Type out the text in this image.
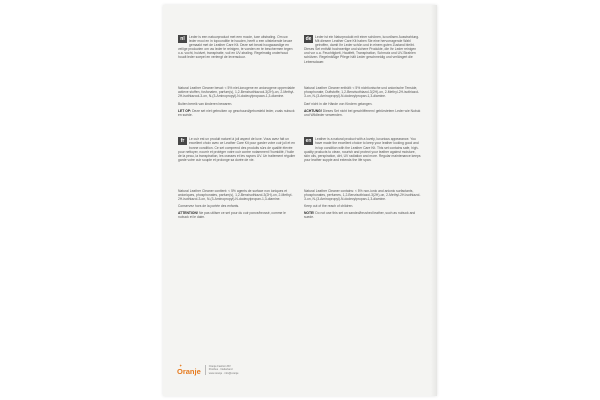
nl	Leder is een natuurproduct met een mooie, luxe uitstraling. Om uw leder mooi en in topconditie te houden, heeft u een uitstekende keuze gemaakt met de Leather Care Kit. Deze set bevat hoogwaardige en veilige producten om uw leder te reinigen, te voeden en te beschermen tegen o.a. vocht, huidvet, transpiratie, vuil en UV-straling. Regelmatig onderhoud houdt leder soepel en verlengt de levensduur.

Natural Leather Cleaner bevat: < 5% niet-ionogene en anionogene oppervlakte actieve stoffen, fosfonaten, parfum(s), 1,2-Benzisothiazool-3(2H)-on, 2-Methyl-2H-isothiazool-3-on, N-(3-Aminopropyl)-N-dodecylpropaan-1,3-diamine.

Buiten bereik van kinderen bewaren.

LET OP: Deze set niet gebruiken op geschuurd/geborsteld leder, zoals nubuck en suède.

de	Leder ist ein Naturprodukt mit einer schönen, luxuriösen Ausstrahlung. Mit diesem Leather Care Kit haben Sie eine hervorragende Wahl getroffen, damit Ihr Leder schön und in einem guten Zustand bleibt. Dieses Set enthält hochwertige und sichere Produkte, die Ihr Leder reinigen und vor u.a. Feuchtigkeit, Hautfett, Transpiration, Schmutz und UV-Strahlen schützen. Regelmäßige Pflege hält Leder geschmeidig und verlängert die Lebensdauer.

Natural Leather Cleaner enthält: < 5% nichtionische und anionische Tenside, phosphonate, Duftstoffe, 1,2-Benzisothiazol-3(2H)-on, 2-Methyl-2H-isothiazol-3-on, N-(3-Aminopropyl)-N-dodecylpropan-1,3-diamine.

Darf nicht in die Hände von Kindern gelangen.

ACHTUNG! Dieses Set nicht bei geschliffenem/ gebürstetem Leder wie Nubuk und Wildleder verwenden.

fr	Le cuir est un produit naturel à joli aspect de luxe. Vous avez fait un excellent choix avec ce Leather Care Kit pour garder votre cuir joli et en bonne condition. Ce set comprend des produits sûrs de qualité élevée pour nettoyer, nourrir et protéger votre cuir contre notamment l'humidité, l'huile de la peau, la transpiration, les crasses et les rayons UV. Un traitement régulier garde votre cuir souple et prolonge sa durée de vie.

Natural Leather Cleaner contient: < 5% agents de surface non ioniques et anioniques, phosphonates, parfum(s), 1,2-Benzisothiazol-3(2H)-on, 2-Methyl-2H-isothiazol-3-on, N-(3-Aminopropyl)-N-dodecylpropan-1,3-diamine.

Conservez hors de la portée des enfants.

ATTENTION! Ne pas utiliser ce set pour du cuir ponce/brossé, comme le nubuck et le daim.

en	Leather is a natural product with a lovely, luxurious appearance. You have made the excellent choice to keep your leather looking good and in top condition with the Leather Care Kit. This set contains safe, high-quality products to clean, nourish and protect your leather against moisture, skin oils, perspiration, dirt, UV radiation and more. Regular maintenance keeps your leather supple and extends the life span.

Natural Leather Cleaner contains: < 5% non-ionic and anionic surfactants, phosphonates, perfumes, 1,2-Benzisothiazol-3(2H)-on, 2-Methyl-2H-isothiazol-3-on, N-(3-Aminopropyl)-N-dodecylpropan-1,3-diamine.

Keep out of the reach of children.

NOTE! Do not use this set on sanded/brushed leather, such as nubuck and suede.

✦
Oranje
Oranje Fashion BV
Postbus · Nederland
www.oranje · info@oranje
